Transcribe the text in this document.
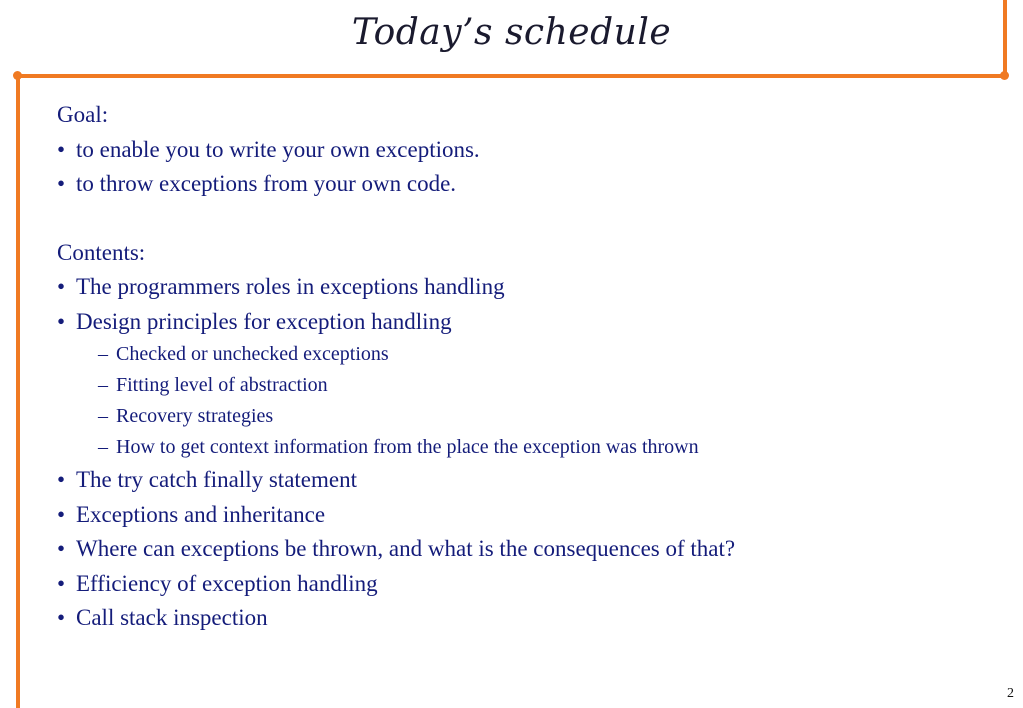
Today’s schedule
Goal:
• to enable you to write your own exceptions.
• to throw exceptions from your own code.
Contents:
• The programmers roles in exceptions handling
• Design principles for exception handling
– Checked or unchecked exceptions
– Fitting level of abstraction
– Recovery strategies
– How to get context information from the place the exception was thrown
• The try catch finally statement
• Exceptions and inheritance
• Where can exceptions be thrown, and what is the consequences of that?
• Efficiency of exception handling
• Call stack inspection
2
